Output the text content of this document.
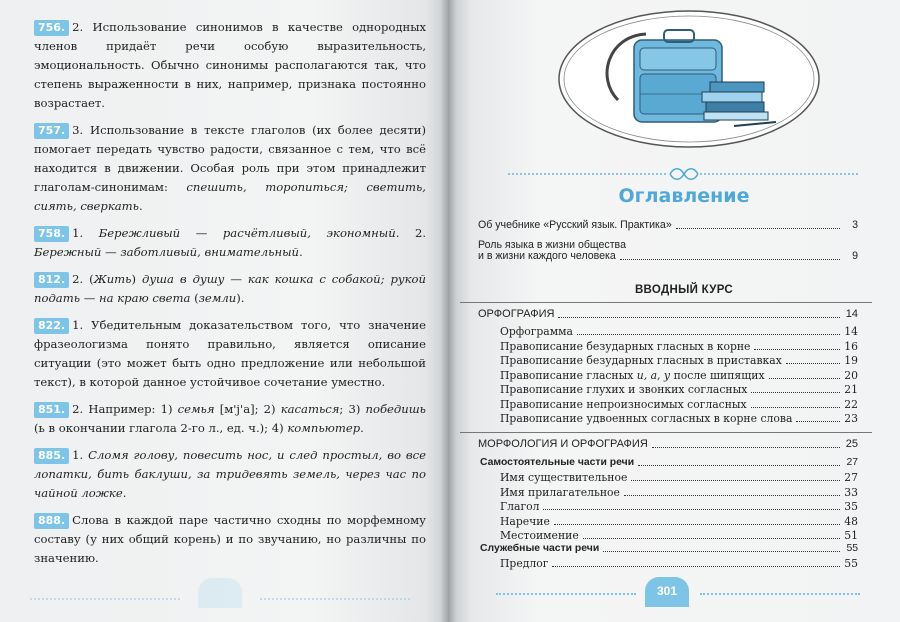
756. 2. Использование синонимов в качестве однородных членов придаёт речи особую выразительность, эмоциональность. Обычно синонимы располагаются так, что степень выраженности в них, например, признака постоянно возрастает.
757. 3. Использование в тексте глаголов (их более десяти) помогает передать чувство радости, связанное с тем, что всё находится в движении. Особая роль при этом принадлежит глаголам-синонимам: спешить, торопиться; светить, сиять, сверкать.
758. 1. Бережливый — расчётливый, экономный. 2. Бережный — заботливый, внимательный.
812. 2. (Жить) душа в душу — как кошка с собакой; рукой подать — на краю света (земли).
822. 1. Убедительным доказательством того, что значение фразеологизма понято правильно, является описание ситуации (это может быть одно предложение или небольшой текст), в которой данное устойчивое сочетание уместно.
851. 2. Например: 1) семья [м'j'а]; 2) касаться; 3) победишь (ь в окончании глагола 2-го л., ед. ч.); 4) компьютер.
885. 1. Сломя голову, повесить нос, и след простыл, во все лопатки, бить баклуши, за тридевять земель, через час по чайной ложке.
888. Слова в каждой паре частично сходны по морфемному составу (у них общий корень) и по звучанию, но различны по значению.
Оглавление
Об учебнике «Русский язык. Практика»	3
Роль языка в жизни общества
и в жизни каждого человека	9
ВВОДНЫЙ КУРС
ОРФОГРАФИЯ	14
Орфограмма	14
Правописание безударных гласных в корне	16
Правописание безударных гласных в приставках	19
Правописание гласных и, а, у после шипящих	20
Правописание глухих и звонких согласных	21
Правописание непроизносимых согласных	22
Правописание удвоенных согласных в корне слова	23
МОРФОЛОГИЯ И ОРФОГРАФИЯ	25
Самостоятельные части речи	27
Имя существительное	27
Имя прилагательное	33
Глагол	35
Наречие	48
Местоимение	51
Служебные части речи	55
Предлог	55
301
